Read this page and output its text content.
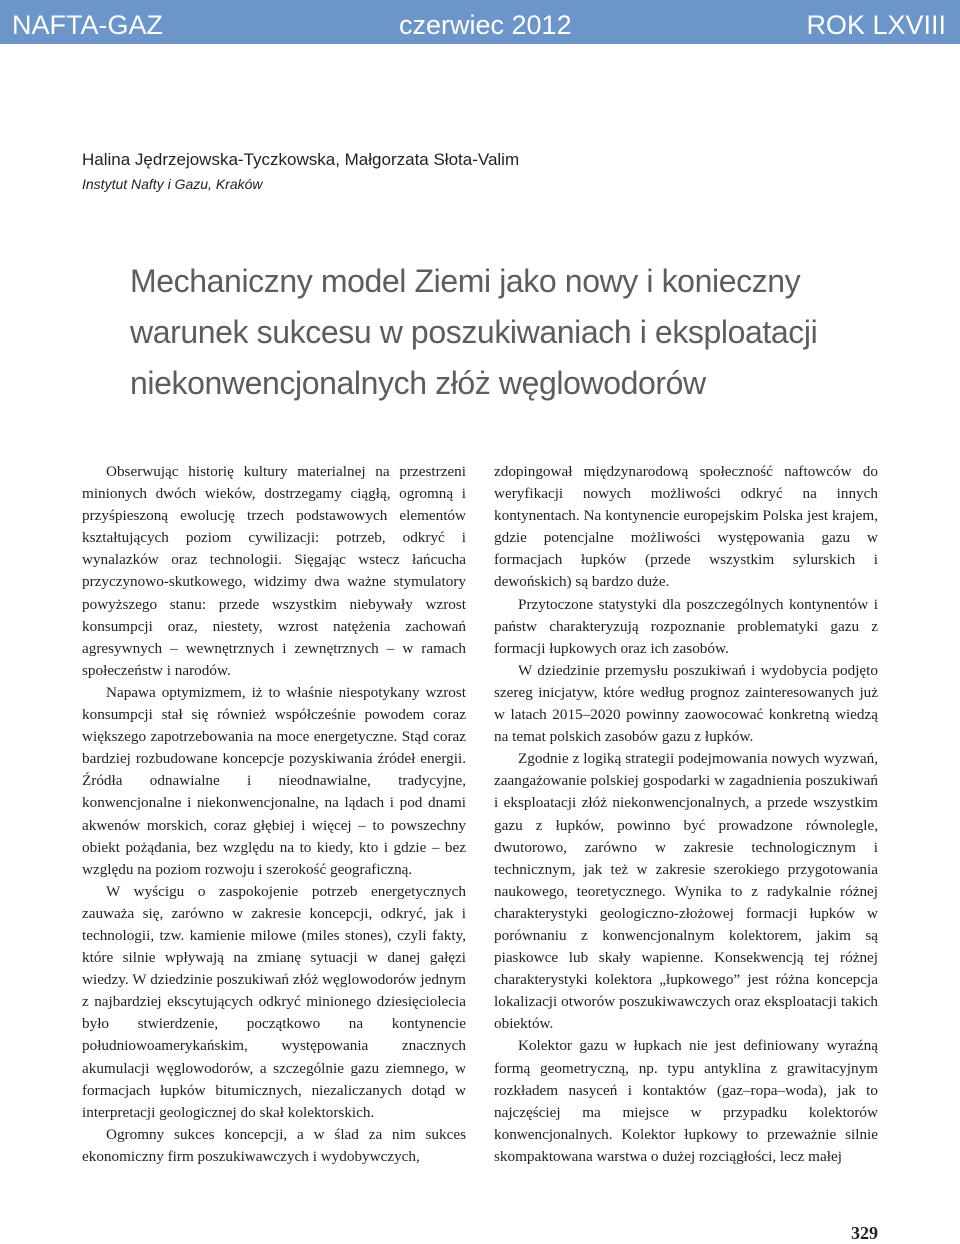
NAFTA-GAZ	czerwiec 2012	ROK LXVIII
Halina Jędrzejowska-Tyczkowska, Małgorzata Słota-Valim
Instytut Nafty i Gazu, Kraków
Mechaniczny model Ziemi jako nowy i konieczny
warunek sukcesu w poszukiwaniach i eksploatacji
niekonwencjonalnych złóż węglowodorów

Obserwując historię kultury materialnej na przestrzeni minionych dwóch wieków, dostrzegamy ciągłą, ogromną i przyśpieszoną ewolucję trzech podstawowych elementów kształtujących poziom cywilizacji: potrzeb, odkryć i wynalazków oraz technologii. Sięgając wstecz łańcucha przyczynowo-skutkowego, widzimy dwa ważne stymulatory powyższego stanu: przede wszystkim niebywały wzrost konsumpcji oraz, niestety, wzrost natężenia zachowań agresywnych – wewnętrznych i zewnętrznych – w ramach społeczeństw i narodów.

Napawa optymizmem, iż to właśnie niespotykany wzrost konsumpcji stał się również współcześnie powodem coraz większego zapotrzebowania na moce energetyczne. Stąd coraz bardziej rozbudowane koncepcje pozyskiwania źródeł energii. Źródła odnawialne i nieodnawialne, tradycyjne, konwencjonalne i niekonwencjonalne, na lądach i pod dnami akwenów morskich, coraz głębiej i więcej – to powszechny obiekt pożądania, bez względu na to kiedy, kto i gdzie – bez względu na poziom rozwoju i szerokość geograficzną.

W wyścigu o zaspokojenie potrzeb energetycznych zauważa się, zarówno w zakresie koncepcji, odkryć, jak i technologii, tzw. kamienie milowe (miles stones), czyli fakty, które silnie wpływają na zmianę sytuacji w danej gałęzi wiedzy. W dziedzinie poszukiwań złóż węglowodorów jednym z najbardziej ekscytujących odkryć minionego dziesięciolecia było stwierdzenie, początkowo na kontynencie południowoamerykańskim, występowania znacznych akumulacji węglowodorów, a szczególnie gazu ziemnego, w formacjach łupków bitumicznych, niezaliczanych dotąd w interpretacji geologicznej do skał kolektorskich.

Ogromny sukces koncepcji, a w ślad za nim sukces ekonomiczny firm poszukiwawczych i wydobywczych,

zdopingował międzynarodową społeczność naftowców do weryfikacji nowych możliwości odkryć na innych kontynentach. Na kontynencie europejskim Polska jest krajem, gdzie potencjalne możliwości występowania gazu w formacjach łupków (przede wszystkim sylurskich i dewońskich) są bardzo duże.

Przytoczone statystyki dla poszczególnych kontynentów i państw charakteryzują rozpoznanie problematyki gazu z formacji łupkowych oraz ich zasobów.

W dziedzinie przemysłu poszukiwań i wydobycia podjęto szereg inicjatyw, które według prognoz zainteresowanych już w latach 2015–2020 powinny zaowocować konkretną wiedzą na temat polskich zasobów gazu z łupków.

Zgodnie z logiką strategii podejmowania nowych wyzwań, zaangażowanie polskiej gospodarki w zagadnienia poszukiwań i eksploatacji złóż niekonwencjonalnych, a przede wszystkim gazu z łupków, powinno być prowadzone równolegle, dwutorowo, zarówno w zakresie technologicznym i technicznym, jak też w zakresie szerokiego przygotowania naukowego, teoretycznego. Wynika to z radykalnie różnej charakterystyki geologiczno-złożowej formacji łupków w porównaniu z konwencjonalnym kolektorem, jakim są piaskowce lub skały wapienne. Konsekwencją tej różnej charakterystyki kolektora „łupkowego” jest różna koncepcja lokalizacji otworów poszukiwawczych oraz eksploatacji takich obiektów.

Kolektor gazu w łupkach nie jest definiowany wyraźną formą geometryczną, np. typu antyklina z grawitacyjnym rozkładem nasyceń i kontaktów (gaz–ropa–woda), jak to najczęściej ma miejsce w przypadku kolektorów konwencjonalnych. Kolektor łupkowy to przeważnie silnie skompaktowana warstwa o dużej rozciągłości, lecz małej

329
